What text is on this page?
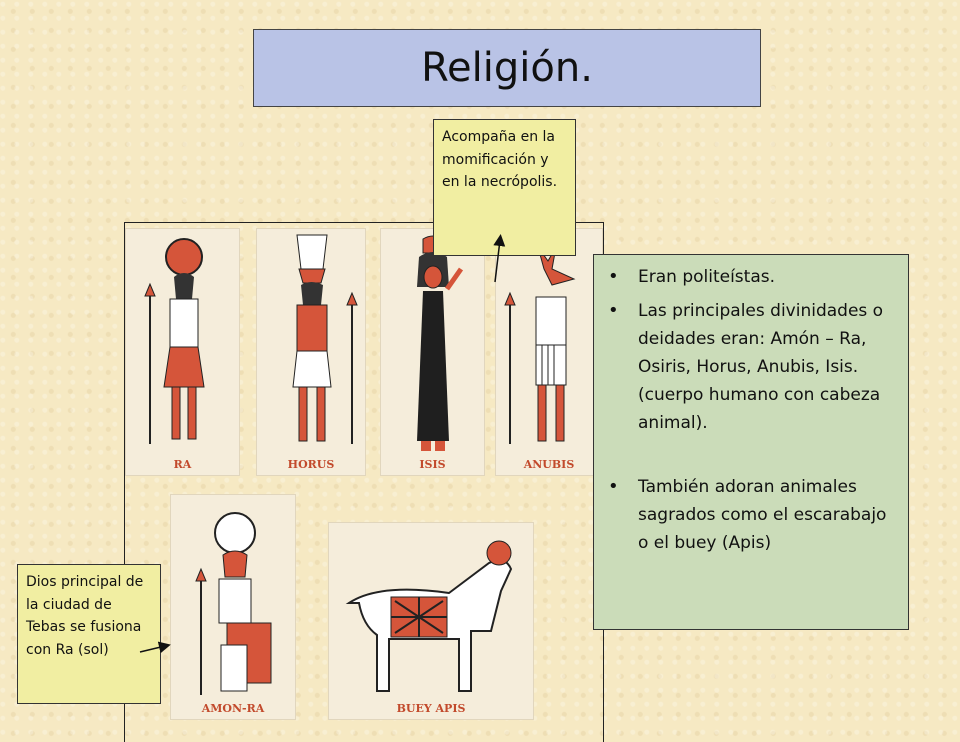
Religión.
RA	HORUS	ISIS	ANUBIS
AMON-RA	BUEY APIS
• Eran politeístas.
• Las principales divinidades o deidades eran: Amón – Ra, Osiris, Horus, Anubis, Isis.(cuerpo humano con cabeza animal).
• También adoran animales sagrados como el escarabajo o el buey (Apis)
Acompaña en la momificación y en la necrópolis.
Dios principal de la ciudad de Tebas se fusiona con Ra (sol)
